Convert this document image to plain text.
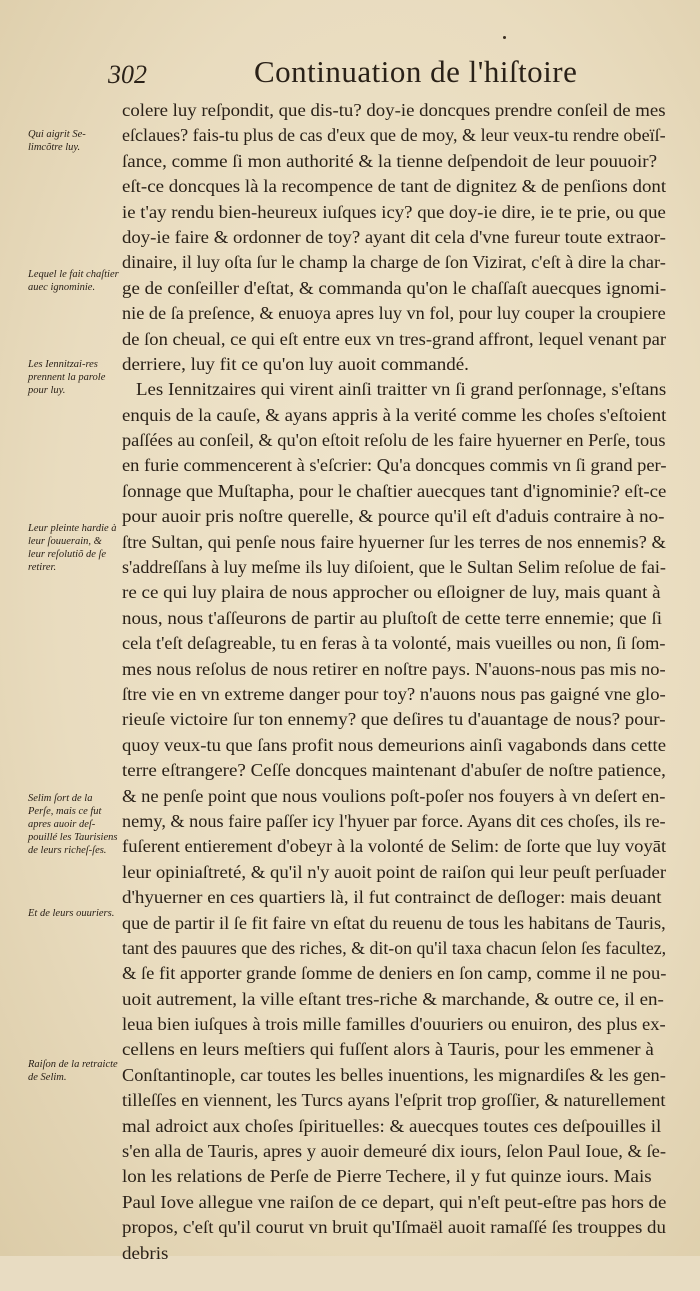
302	Continuation de l'hiſtoire
Qui aigrit Se-limcõtre luy.
Lequel le fait chaſtier auec ignominie.
Les Iennitzai-res prennent la parole pour luy.
Leur pleinte hardie à leur ſouuerain, & leur reſolutiõ de ſe retirer.
Selim ſort de la Perſe, mais ce fut apres auoir deſ-pouillé les Taurisiens de leurs richeſ-ſes.
Et de leurs ouuriers.
Raiſon de la retraicte de Selim.
colere luy reſpondit, que dis-tu? doy-ie doncques prendre conſeil de mes
eſclaues? fais-tu plus de cas d'eux que de moy, & leur veux-tu rendre obeïſ-
ſance, comme ſi mon authorité & la tienne deſpendoit de leur pouuoir?
eſt-ce doncques là la recompence de tant de dignitez & de penſions dont
ie t'ay rendu bien-heureux iuſques icy? que doy-ie dire, ie te prie, ou que
doy-ie faire & ordonner de toy? ayant dit cela d'vne fureur toute extraor-
dinaire, il luy oſta ſur le champ la charge de ſon Vizirat, c'eſt à dire la char-
ge de conſeiller d'eſtat, & commanda qu'on le chaſſaſt auecques ignomi-
nie de ſa preſence, & enuoya apres luy vn fol, pour luy couper la croupiere
de ſon cheual, ce qui eſt entre eux vn tres-grand affront, lequel venant par
derriere, luy fit ce qu'on luy auoit commandé.
Les Iennitzaires qui virent ainſi traitter vn ſi grand perſonnage, s'eſtans
enquis de la cauſe, & ayans appris à la verité comme les choſes s'eſtoient
paſſées au conſeil, & qu'on eſtoit reſolu de les faire hyuerner en Perſe, tous
en furie commencerent à s'eſcrier: Qu'a doncques commis vn ſi grand per-
ſonnage que Muſtapha, pour le chaſtier auecques tant d'ignominie? eſt-ce
pour auoir pris noſtre querelle, & pource qu'il eſt d'aduis contraire à no-
ſtre Sultan, qui penſe nous faire hyuerner ſur les terres de nos ennemis? &
s'addreſſans à luy meſme ils luy diſoient, que le Sultan Selim reſolue de fai-
re ce qui luy plaira de nous approcher ou eſloigner de luy, mais quant à
nous, nous t'aſſeurons de partir au pluſtoſt de cette terre ennemie; que ſi
cela t'eſt deſagreable, tu en feras à ta volonté, mais vueilles ou non, ſi ſom-
mes nous reſolus de nous retirer en noſtre pays. N'auons-nous pas mis no-
ſtre vie en vn extreme danger pour toy? n'auons nous pas gaigné vne glo-
rieuſe victoire ſur ton ennemy? que deſires tu d'auantage de nous? pour-
quoy veux-tu que ſans profit nous demeurions ainſi vagabonds dans cette
terre eſtrangere? Ceſſe doncques maintenant d'abuſer de noſtre patience,
& ne penſe point que nous voulions poſt-poſer nos fouyers à vn deſert en-
nemy, & nous faire paſſer icy l'hyuer par force. Ayans dit ces choſes, ils re-
fuſerent entierement d'obeyr à la volonté de Selim: de ſorte que luy voyāt
leur opiniaſtreté, & qu'il n'y auoit point de raiſon qui leur peuſt perſuader
d'hyuerner en ces quartiers là, il fut contrainct de deſloger: mais deuant
que de partir il ſe fit faire vn eſtat du reuenu de tous les habitans de Tauris,
tant des pauures que des riches, & dit-on qu'il taxa chacun ſelon ſes facultez,
& ſe fit apporter grande ſomme de deniers en ſon camp, comme il ne pou-
uoit autrement, la ville eſtant tres-riche & marchande, & outre ce, il en-
leua bien iuſques à trois mille familles d'ouuriers ou enuiron, des plus ex-
cellens en leurs meſtiers qui fuſſent alors à Tauris, pour les emmener à
Conſtantinople, car toutes les belles inuentions, les mignardiſes & les gen-
tilleſſes en viennent, les Turcs ayans l'eſprit trop groſſier, & naturellement
mal adroict aux choſes ſpirituelles: & auecques toutes ces deſpouilles il
s'en alla de Tauris, apres y auoir demeuré dix iours, ſelon Paul Ioue, & ſe-
lon les relations de Perſe de Pierre Techere, il y fut quinze iours. Mais
Paul Iove allegue vne raiſon de ce depart, qui n'eſt peut-eſtre pas hors de
propos, c'eſt qu'il courut vn bruit qu'Iſmaël auoit ramaſſé ſes trouppes du
debris
